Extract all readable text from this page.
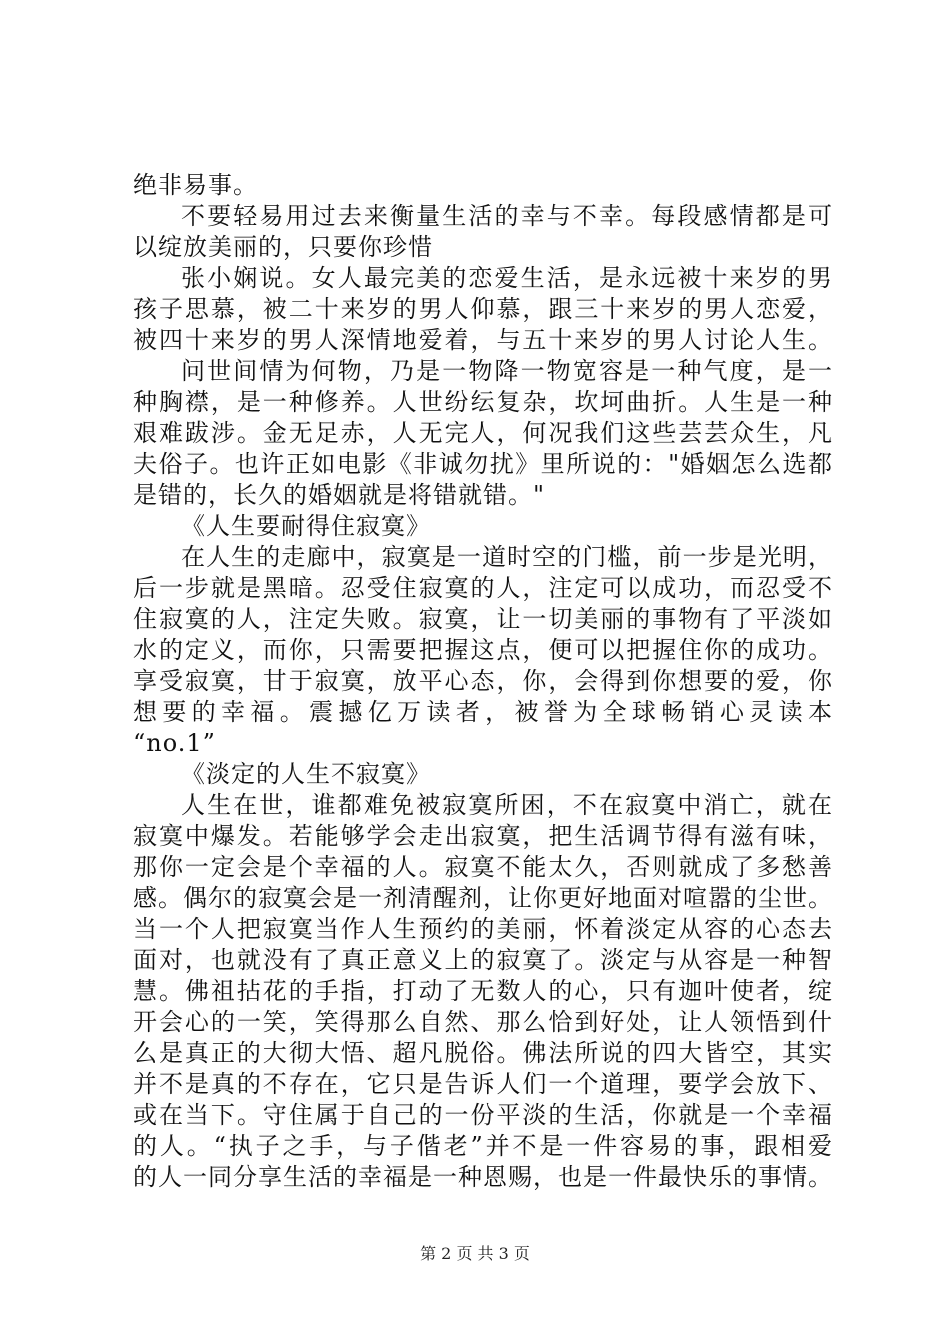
绝非易事。
不要轻易用过去来衡量生活的幸与不幸。每段感情都是可
以绽放美丽的，只要你珍惜
张小娴说。女人最完美的恋爱生活，是永远被十来岁的男
孩子思慕，被二十来岁的男人仰慕，跟三十来岁的男人恋爱，
被四十来岁的男人深情地爱着，与五十来岁的男人讨论人生。
问世间情为何物，乃是一物降一物宽容是一种气度，是一
种胸襟，是一种修养。人世纷纭复杂，坎坷曲折。人生是一种
艰难跋涉。金无足赤，人无完人，何况我们这些芸芸众生，凡
夫俗子。也许正如电影《非诚勿扰》里所说的："婚姻怎么选都
是错的，长久的婚姻就是将错就错。"
《人生要耐得住寂寞》
在人生的走廊中，寂寞是一道时空的门槛，前一步是光明，
后一步就是黑暗。忍受住寂寞的人，注定可以成功，而忍受不
住寂寞的人，注定失败。寂寞，让一切美丽的事物有了平淡如
水的定义，而你，只需要把握这点，便可以把握住你的成功。
享受寂寞，甘于寂寞，放平心态，你，会得到你想要的爱，你
想要的幸福。震撼亿万读者，被誉为全球畅销心灵读本
“no.1”
《淡定的人生不寂寞》
人生在世，谁都难免被寂寞所困，不在寂寞中消亡，就在
寂寞中爆发。若能够学会走出寂寞，把生活调节得有滋有味，
那你一定会是个幸福的人。寂寞不能太久，否则就成了多愁善
感。偶尔的寂寞会是一剂清醒剂，让你更好地面对喧嚣的尘世。
当一个人把寂寞当作人生预约的美丽，怀着淡定从容的心态去
面对，也就没有了真正意义上的寂寞了。淡定与从容是一种智
慧。佛祖拈花的手指，打动了无数人的心，只有迦叶使者，绽
开会心的一笑，笑得那么自然、那么恰到好处，让人领悟到什
么是真正的大彻大悟、超凡脱俗。佛法所说的四大皆空，其实
并不是真的不存在，它只是告诉人们一个道理，要学会放下、
或在当下。守住属于自己的一份平淡的生活，你就是一个幸福
的人。“执子之手，与子偕老”并不是一件容易的事，跟相爱
的人一同分享生活的幸福是一种恩赐，也是一件最快乐的事情。
第 2 页 共 3 页
